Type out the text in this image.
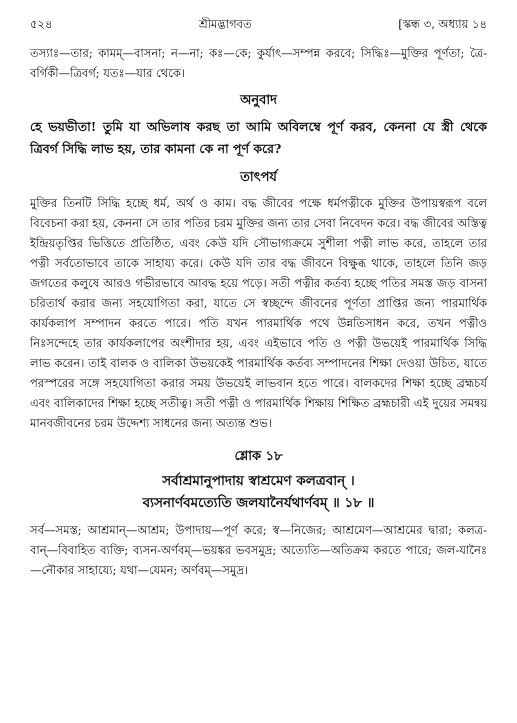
৫২৪	শ্রীমদ্ভাগবত	[স্কন্ধ ৩, অধ্যায় ১৪

তস্যাঃ—তার; কামম্—বাসনা; ন—না; কঃ—কে; কুর্যাৎ—সম্পন্ন করবে; সিদ্ধিঃ—মুক্তির পূর্ণতা; ত্রৈ-বর্গিকী—ত্রিবর্গ; যতঃ—যার থেকে।

অনুবাদ

হে ভয়ভীতা! তুমি যা অভিলাষ করছ তা আমি অবিলম্বে পূর্ণ করব, কেননা যে স্ত্রী থেকে ত্রিবর্গ সিদ্ধি লাভ হয়, তার কামনা কে না পূর্ণ করে?

তাৎপর্য

মুক্তির তিনটি সিদ্ধি হচ্ছে ধর্ম, অর্থ ও কাম। বদ্ধ জীবের পক্ষে ধর্মপত্নীকে মুক্তির উপায়স্বরূপ বলে বিবেচনা করা হয়, কেননা সে তার পতির চরম মুক্তির জন্য তার সেবা নিবেদন করে। বদ্ধ জীবের অস্তিত্ব ইন্দ্রিয়তৃপ্তির ভিত্তিতে প্রতিষ্ঠিত, এবং কেউ যদি সৌভাগ্যক্রমে সুশীলা পত্নী লাভ করে, তাহলে তার পত্নী সর্বতোভাবে তাকে সাহায্য করে। কেউ যদি তার বদ্ধ জীবনে বিক্ষুব্ধ থাকে, তাহলে তিনি জড় জগতের কলুষে আরও গভীরভাবে আবদ্ধ হয়ে পড়ে। সতী পত্নীর কর্তব্য হচ্ছে পতির সমস্ত জড় বাসনা চরিতার্থ করার জন্য সহযোগিতা করা, যাতে সে স্বচ্ছন্দে জীবনের পূর্ণতা প্রাপ্তির জন্য পারমার্থিক কার্যকলাপ সম্পাদন করতে পারে। পতি যখন পারমার্থিক পথে উন্নতিসাধন করে, তখন পত্নীও নিঃসন্দেহে তার কার্যকলাপের অংশীদার হয়, এবং এইভাবে পতি ও পত্নী উভয়েই পারমার্থিক সিদ্ধি লাভ করেন। তাই বালক ও বালিকা উভয়কেই পারমার্থিক কর্তব্য সম্পাদনের শিক্ষা দেওয়া উচিত, যাতে পরস্পরের সঙ্গে সহযোগিতা করার সময় উভয়েই লাভবান হতে পারে। বালকদের শিক্ষা হচ্ছে ব্রহ্মচর্য এবং বালিকাদের শিক্ষা হচ্ছে সতীত্ব। সতী পত্নী ও পারমার্থিক শিক্ষায় শিক্ষিত ব্রহ্মচারী এই দুয়ের সমন্বয় মানবজীবনের চরম উদ্দেশ্য সাধনের জন্য অত্যন্ত শুভ।

শ্লোক ১৮
সর্বাশ্রমানুপাদায় স্বাশ্রমেণ কলত্রবান্ ।
ব্যসনার্ণবমত্যেতি জলযানৈর্যথার্ণবম্ ॥ ১৮ ॥

সর্ব—সমস্ত; আশ্রমান্—আশ্রম; উপাদায়—পূর্ণ করে; স্ব—নিজের; আশ্রমেণ—আশ্রমের দ্বারা; কলত্র-বান্—বিবাহিত ব্যক্তি; ব্যসন-অর্ণবম্—ভয়ঙ্কর ভবসমুদ্র; অত্যেতি—অতিক্রম করতে পারে; জল-যানৈঃ—নৌকার সাহায্যে; যথা—যেমন; অর্ণবম্—সমুদ্র।
